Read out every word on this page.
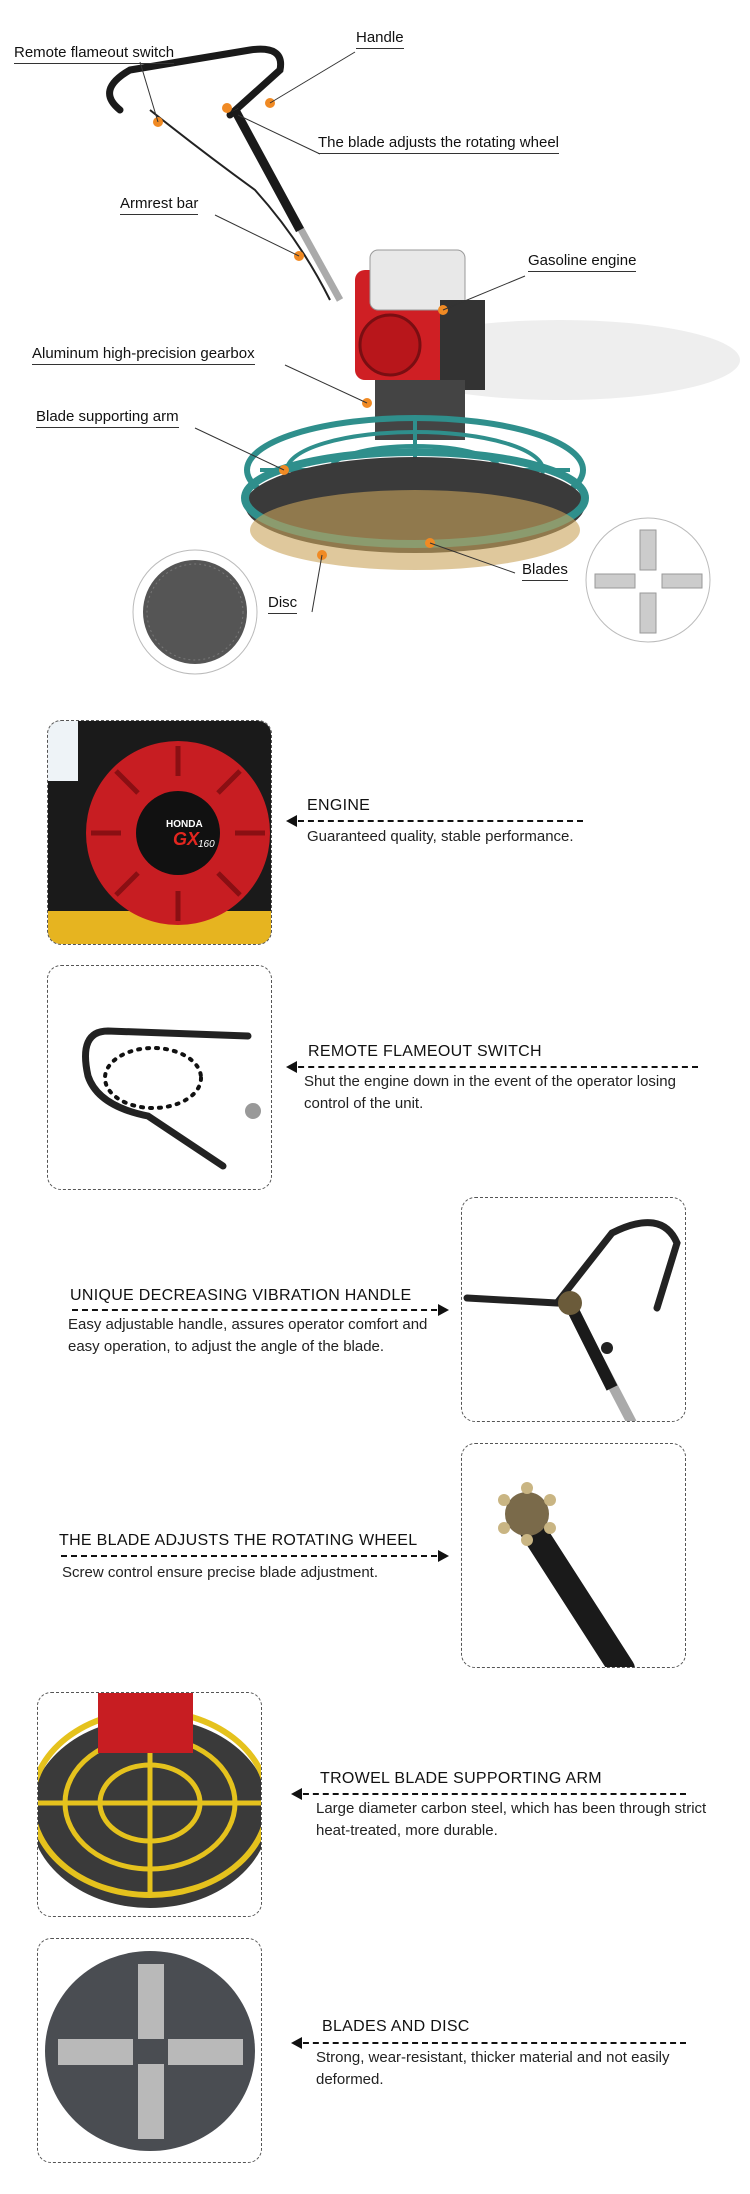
Remote flameout switch
Handle
The blade adjusts the rotating wheel
Armrest bar
Gasoline engine
Aluminum high-precision gearbox
Blade supporting arm
Blades
Disc
HONDA
GX
160
ENGINE
Guaranteed quality, stable performance.
REMOTE FLAMEOUT SWITCH
Shut the engine down in the event of the operator losing control of the unit.
UNIQUE DECREASING VIBRATION HANDLE
Easy adjustable handle, assures operator comfort and easy operation, to adjust the angle of the blade.
THE BLADE ADJUSTS THE ROTATING WHEEL
Screw control ensure precise blade adjustment.
TROWEL BLADE SUPPORTING ARM
Large diameter carbon steel, which has been through strict heat-treated, more durable.
BLADES AND DISC
Strong, wear-resistant, thicker material and not easily deformed.
